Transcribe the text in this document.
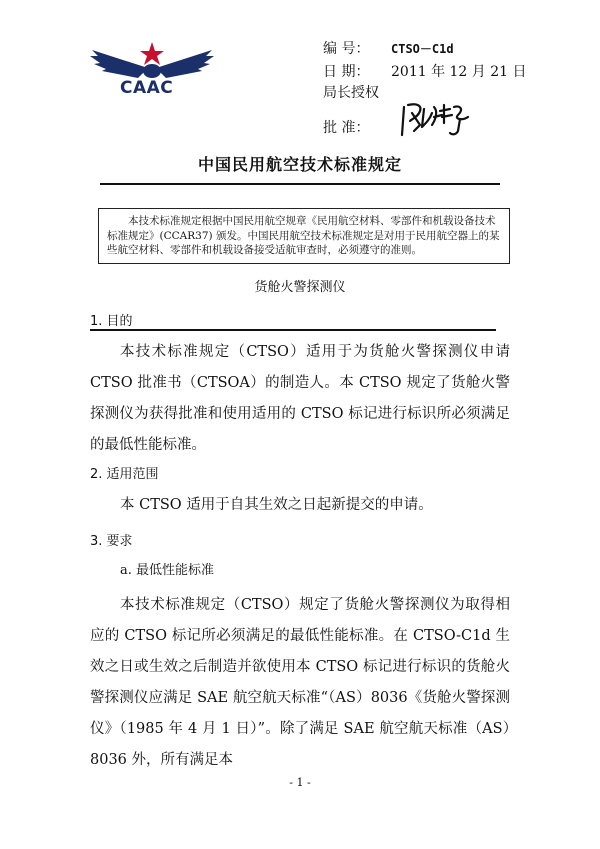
CAAC
编 号： CTSO－C1d
日 期： 2011 年 12 月 21 日
局长授权
批 准：
中国民用航空技术标准规定
本技术标准规定根据中国民用航空规章《民用航空材料、零部件和机载设备技术标准规定》(CCAR37) 颁发。中国民用航空技术标准规定是对用于民用航空器上的某些航空材料、零部件和机载设备接受适航审查时，必须遵守的准则。
货舱火警探测仪
1. 目的
本技术标准规定（CTSO）适用于为货舱火警探测仪申请 CTSO 批准书（CTSOA）的制造人。本 CTSO 规定了货舱火警探测仪为获得批准和使用适用的 CTSO 标记进行标识所必须满足的最低性能标准。
2. 适用范围
本 CTSO 适用于自其生效之日起新提交的申请。
3. 要求
a. 最低性能标准
本技术标准规定（CTSO）规定了货舱火警探测仪为取得相应的 CTSO 标记所必须满足的最低性能标准。在 CTSO-C1d 生效之日或生效之后制造并欲使用本 CTSO 标记进行标识的货舱火警探测仪应满足 SAE 航空航天标准“（AS）8036《货舱火警探测仪》（1985 年 4 月 1 日）”。除了满足 SAE 航空航天标准（AS）8036 外，所有满足本
- 1 -
